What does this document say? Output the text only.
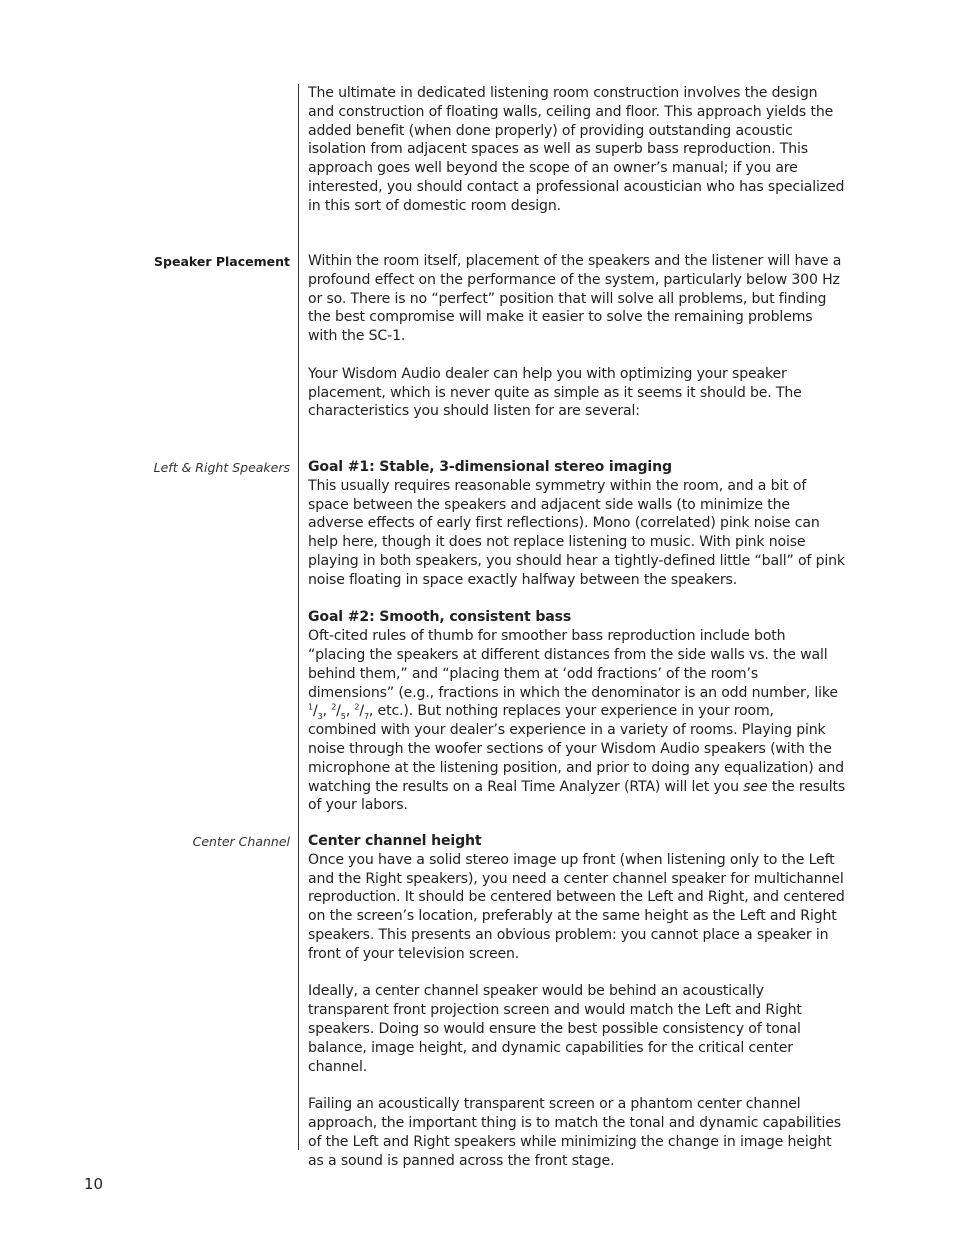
The ultimate in dedicated listening room construction involves the design and construction of floating walls, ceiling and floor. This approach yields the added benefit (when done properly) of providing outstanding acoustic isolation from adjacent spaces as well as superb bass reproduction. This approach goes well beyond the scope of an owner’s manual; if you are interested, you should contact a professional acoustician who has specialized in this sort of domestic room design.

Speaker Placement Within the room itself, placement of the speakers and the listener will have a profound effect on the performance of the system, particularly below 300 Hz or so. There is no “perfect” position that will solve all problems, but finding the best compromise will make it easier to solve the remaining problems with the SC-1.

Your Wisdom Audio dealer can help you with optimizing your speaker placement, which is never quite as simple as it seems it should be. The characteristics you should listen for are several:

Left & Right Speakers Goal #1: Stable, 3-dimensional stereo imaging

This usually requires reasonable symmetry within the room, and a bit of space between the speakers and adjacent side walls (to minimize the adverse effects of early first reflections). Mono (correlated) pink noise can help here, though it does not replace listening to music. With pink noise playing in both speakers, you should hear a tightly-defined little “ball” of pink noise floating in space exactly halfway between the speakers.

Goal #2: Smooth, consistent bass

Oft-cited rules of thumb for smoother bass reproduction include both “placing the speakers at different distances from the side walls vs. the wall behind them,” and “placing them at ‘odd fractions’ of the room’s dimensions” (e.g., fractions in which the denominator is an odd number, like $^1/_3$, $^2/_5$, $^2/_7$, etc.). But nothing replaces your experience in your room, combined with your dealer’s experience in a variety of rooms. Playing pink noise through the woofer sections of your Wisdom Audio speakers (with the microphone at the listening position, and prior to doing any equalization) and watching the results on a Real Time Analyzer (RTA) will let you see the results of your labors.

Center Channel Center channel height

Once you have a solid stereo image up front (when listening only to the Left and the Right speakers), you need a center channel speaker for multichannel reproduction. It should be centered between the Left and Right, and centered on the screen’s location, preferably at the same height as the Left and Right speakers. This presents an obvious problem: you cannot place a speaker in front of your television screen.

Ideally, a center channel speaker would be behind an acoustically transparent front projection screen and would match the Left and Right speakers. Doing so would ensure the best possible consistency of tonal balance, image height, and dynamic capabilities for the critical center channel.

Failing an acoustically transparent screen or a phantom center channel approach, the important thing is to match the tonal and dynamic capabilities of the Left and Right speakers while minimizing the change in image height as a sound is panned across the front stage.

10
